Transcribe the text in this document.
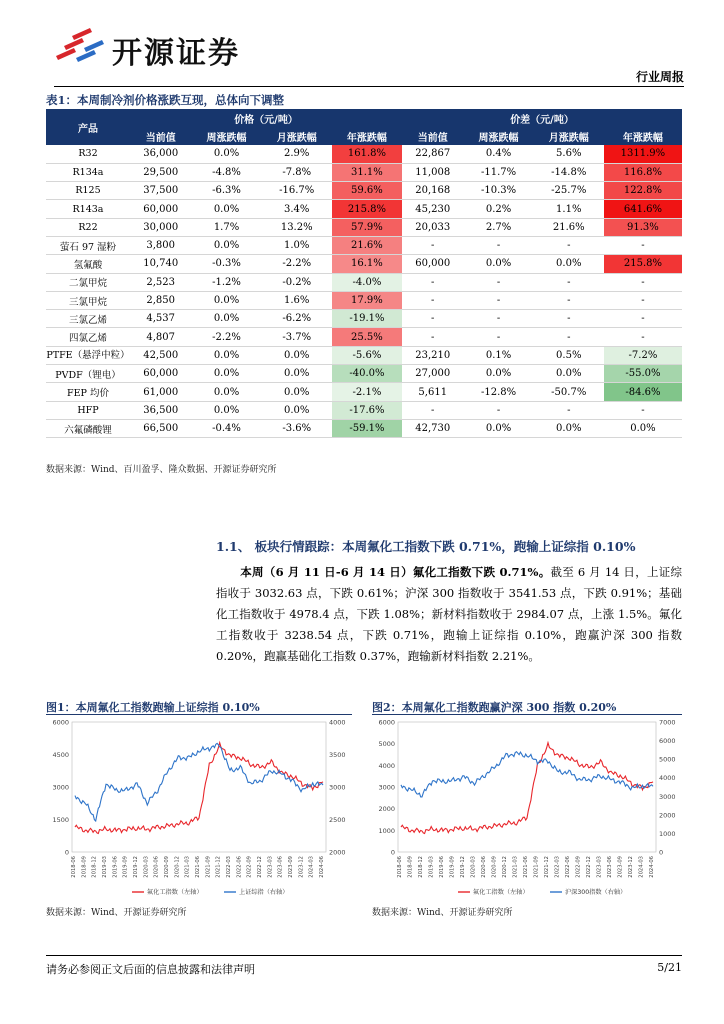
开源证券
行业周报
表1：本周制冷剂价格涨跌互现，总体向下调整
产品	价格（元/吨）				价差（元/吨）			
	当前值	周涨跌幅	月涨跌幅	年涨跌幅	当前值	周涨跌幅	月涨跌幅	年涨跌幅
R32	36,000	0.0%	2.9%	161.8%	22,867	0.4%	5.6%	1311.9%
R134a	29,500	-4.8%	-7.8%	31.1%	11,008	-11.7%	-14.8%	116.8%
R125	37,500	-6.3%	-16.7%	59.6%	20,168	-10.3%	-25.7%	122.8%
R143a	60,000	0.0%	3.4%	215.8%	45,230	0.2%	1.1%	641.6%
R22	30,000	1.7%	13.2%	57.9%	20,033	2.7%	21.6%	91.3%
萤石 97 湿粉	3,800	0.0%	1.0%	21.6%	-	-	-	-
氢氟酸	10,740	-0.3%	-2.2%	16.1%	60,000	0.0%	0.0%	215.8%
二氯甲烷	2,523	-1.2%	-0.2%	-4.0%	-	-	-	-
三氯甲烷	2,850	0.0%	1.6%	17.9%	-	-	-	-
三氯乙烯	4,537	0.0%	-6.2%	-19.1%	-	-	-	-
四氯乙烯	4,807	-2.2%	-3.7%	25.5%	-	-	-	-
PTFE（悬浮中粒）	42,500	0.0%	0.0%	-5.6%	23,210	0.1%	0.5%	-7.2%
PVDF（锂电）	60,000	0.0%	0.0%	-40.0%	27,000	0.0%	0.0%	-55.0%
FEP 均价	61,000	0.0%	0.0%	-2.1%	5,611	-12.8%	-50.7%	-84.6%
HFP	36,500	0.0%	0.0%	-17.6%	-	-	-	-
六氟磷酸锂	66,500	-0.4%	-3.6%	-59.1%	42,730	0.0%	0.0%	0.0%
数据来源：Wind、百川盈孚、隆众数据、开源证券研究所
1.1、 板块行情跟踪：本周氟化工指数下跌 0.71%，跑输上证综指 0.10%
本周（6 月 11 日-6 月 14 日）氟化工指数下跌 0.71%。截至 6 月 14 日，上证综指收于 3032.63 点，下跌 0.61%；沪深 300 指数收于 3541.53 点，下跌 0.91%；基础化工指数收于 4978.4 点，下跌 1.08%；新材料指数收于 2984.07 点，上涨 1.5%。氟化工指数收于 3238.54 点，下跌 0.71%，跑输上证综指 0.10%，跑赢沪深 300 指数 0.20%，跑赢基础化工指数 0.37%，跑输新材料指数 2.21%。
图1：本周氟化工指数跑输上证综指 0.10%	图2：本周氟化工指数跑赢沪深 300 指数 0.20%
0
1500
3000
4500
6000
2000
2500
3000
3500
4000
2018-06 2018-09 2018-12 2019-03 2019-06 2019-09 2019-12 2020-03 2020-06 2020-09 2020-12 2021-03 2021-06 2021-09 2021-12 2022-03 2022-06 2022-09 2022-12 2023-03 2023-06 2023-09 2023-12 2024-03 2024-06
氟化工指数（左轴）	上证综指（右轴）
0
1000
2000
3000
4000
5000
6000
0
1000
2000
3000
4000
5000
6000
7000
2018-06 2018-09 2018-12 2019-03 2019-06 2019-09 2019-12 2020-03 2020-06 2020-09 2020-12 2021-03 2021-06 2021-09 2021-12 2022-03 2022-06 2022-09 2022-12 2023-03 2023-06 2023-09 2023-12 2024-03 2024-06
氟化工指数（左轴）	沪深300指数（右轴）
数据来源：Wind、开源证券研究所	数据来源：Wind、开源证券研究所
请务必参阅正文后面的信息披露和法律声明	5/21
